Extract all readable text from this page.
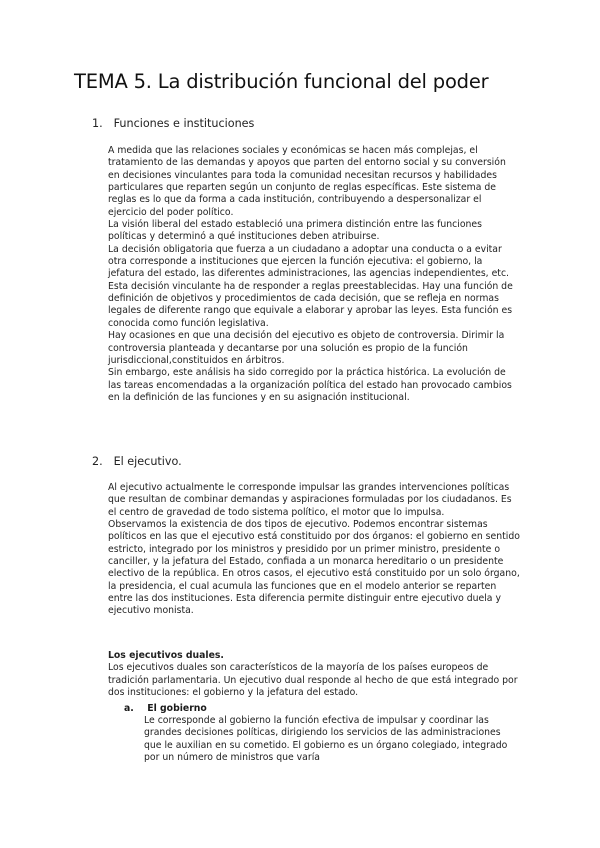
TEMA 5. La distribución funcional del poder
1. Funciones e instituciones

A medida que las relaciones sociales y económicas se hacen más complejas, el tratamiento de las demandas y apoyos que parten del entorno social y su conversión en decisiones vinculantes para toda la comunidad necesitan recursos y habilidades particulares que reparten según un conjunto de reglas específicas. Este sistema de reglas es lo que da forma a cada institución, contribuyendo a despersonalizar el ejercicio del poder político.

La visión liberal del estado estableció una primera distinción entre las funciones políticas y determinó a qué instituciones deben atribuirse.

La decisión obligatoria que fuerza a un ciudadano a adoptar una conducta o a evitar otra corresponde a instituciones que ejercen la función ejecutiva: el gobierno, la jefatura del estado, las diferentes administraciones, las agencias independientes, etc.

Esta decisión vinculante ha de responder a reglas preestablecidas. Hay una función de definición de objetivos y procedimientos de cada decisión, que se refleja en normas legales de diferente rango que equivale a elaborar y aprobar las leyes. Esta función es conocida como función legislativa.

Hay ocasiones en que una decisión del ejecutivo es objeto de controversia. Dirimir la controversia planteada y decantarse por una solución es propio de la función jurisdiccional,constituidos en árbitros.

Sin embargo, este análisis ha sido corregido por la práctica histórica. La evolución de las tareas encomendadas a la organización política del estado han provocado cambios en la definición de las funciones y en su asignación institucional.

2. El ejecutivo.

Al ejecutivo actualmente le corresponde impulsar las grandes intervenciones políticas que resultan de combinar demandas y aspiraciones formuladas por los ciudadanos. Es el centro de gravedad de todo sistema político, el motor que lo impulsa.

Observamos la existencia de dos tipos de ejecutivo. Podemos encontrar sistemas políticos en las que el ejecutivo está constituido por dos órganos: el gobierno en sentido estricto, integrado por los ministros y presidido por un primer ministro, presidente o canciller, y la jefatura del Estado, confiada a un monarca hereditario o un presidente electivo de la república. En otros casos, el ejecutivo está constituido por un solo órgano, la presidencia, el cual acumula las funciones que en el modelo anterior se reparten entre las dos instituciones. Esta diferencia permite distinguir entre ejecutivo duela y ejecutivo monista.

Los ejecutivos duales.

Los ejecutivos duales son característicos de la mayoría de los países europeos de tradición parlamentaria. Un ejecutivo dual responde al hecho de que está integrado por dos instituciones: el gobierno y la jefatura del estado.

a. El gobierno

Le corresponde al gobierno la función efectiva de impulsar y coordinar las grandes decisiones políticas, dirigiendo los servicios de las administraciones que le auxilian en su cometido. El gobierno es un órgano colegiado, integrado por un número de ministros que varía
